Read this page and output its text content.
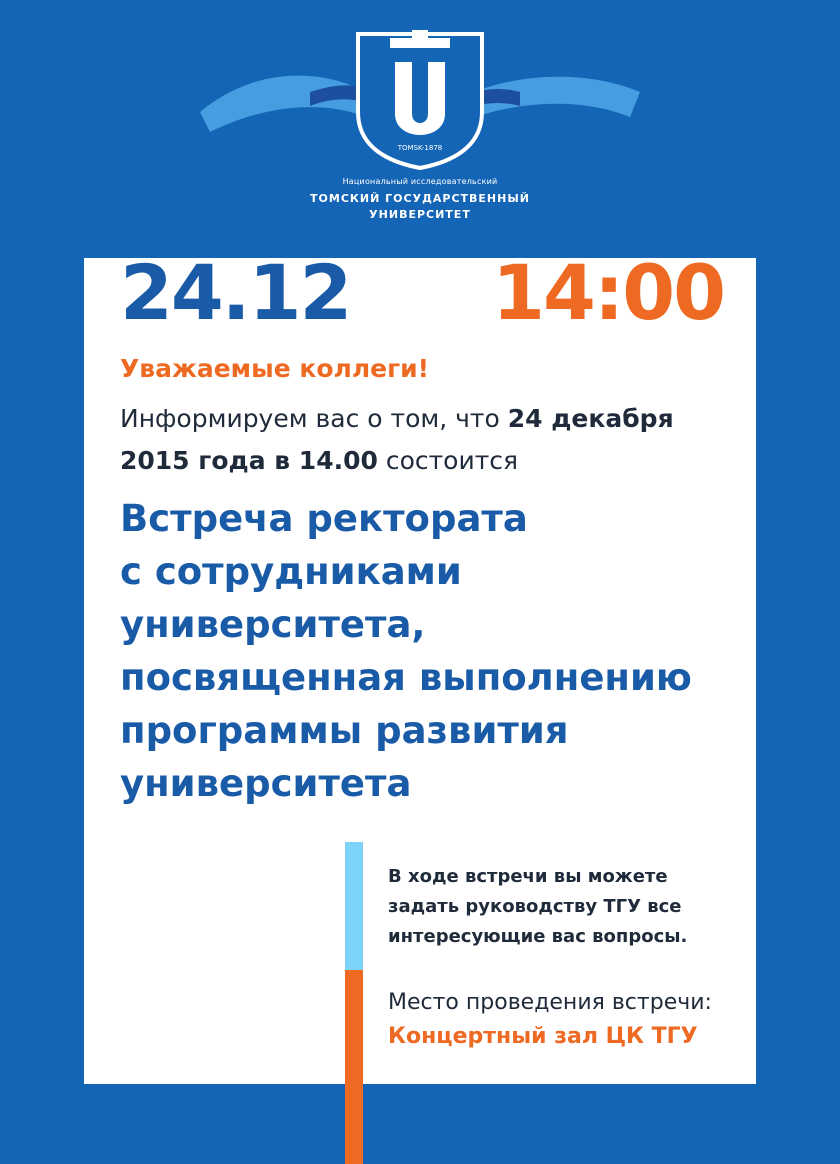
TOMSK-1878
Национальный исследовательский
ТОМСКИЙ ГОСУДАРСТВЕННЫЙ
УНИВЕРСИТЕТ
24.12 14:00
Уважаемые коллеги!
Информируем вас о том, что 24 декабря 2015 года в 14.00 состоится
Встреча ректората
с сотрудниками
университета,
посвященная выполнению
программы развития
университета
В ходе встречи вы можете
задать руководству ТГУ все
интересующие вас вопросы.
Место проведения встречи:
Концертный зал ЦК ТГУ
